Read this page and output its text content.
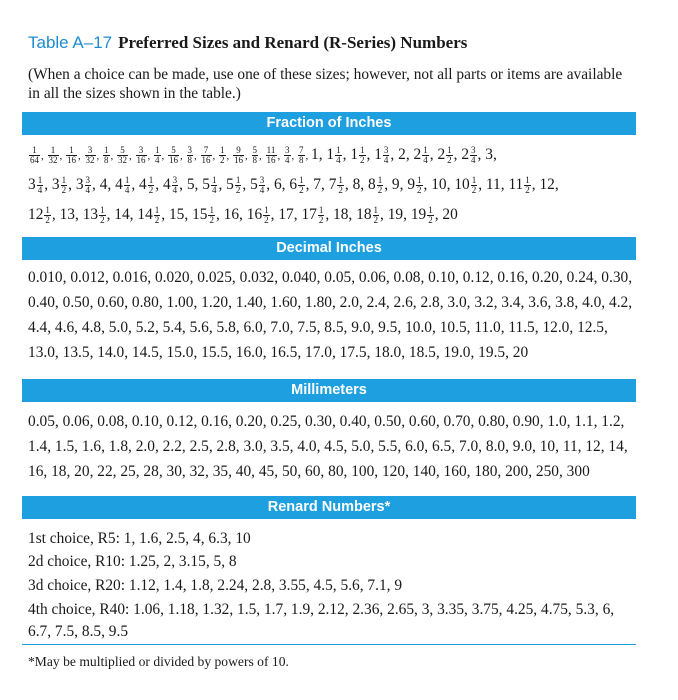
Table A–17 Preferred Sizes and Renard (R-Series) Numbers
(When a choice can be made, use one of these sizes; however, not all parts or items are available in all the sizes shown in the table.)
Fraction of Inches
$\frac{1}{64}$ , $\frac{1}{32}$ , $\frac{1}{16}$ , $\frac{3}{32}$ , $\frac{1}{8}$ , $\frac{5}{32}$ , $\frac{3}{16}$ , $\frac{1}{4}$ , $\frac{5}{16}$ , $\frac{3}{8}$ , $\frac{7}{16}$ , $\frac{1}{2}$ , $\frac{9}{16}$ , $\frac{5}{8}$ , $\frac{11}{16}$ , $\frac{3}{4}$ , $\frac{7}{8}$ , 1, $1 \frac{1}{4}$ , $1 \frac{1}{2}$ , $1 \frac{3}{4}$ , 2, $2 \frac{1}{4}$ , $2 \frac{1}{2}$ , $2 \frac{3}{4}$ , 3,
$3 \frac{1}{4}$ , $3 \frac{1}{2}$ , $3 \frac{3}{4}$ , 4, $4 \frac{1}{4}$ , $4 \frac{1}{2}$ , $4 \frac{3}{4}$ , 5, $5 \frac{1}{4}$ , $5 \frac{1}{2}$ , $5 \frac{3}{4}$ , 6, $6 \frac{1}{2}$ , 7, $7 \frac{1}{2}$ , 8, $8 \frac{1}{2}$ , 9, $9 \frac{1}{2}$ , 10, $10 \frac{1}{2}$ , 11, $11 \frac{1}{2}$ , 12,
$12 \frac{1}{2}$ , 13, $13 \frac{1}{2}$ , 14, $14 \frac{1}{2}$ , 15, $15 \frac{1}{2}$ , 16, $16 \frac{1}{2}$ , 17, $17 \frac{1}{2}$ , 18, $18 \frac{1}{2}$ , 19, $19 \frac{1}{2}$ , 20
Decimal Inches
0.010, 0.012, 0.016, 0.020, 0.025, 0.032, 0.040, 0.05, 0.06, 0.08, 0.10, 0.12, 0.16, 0.20, 0.24, 0.30,
0.40, 0.50, 0.60, 0.80, 1.00, 1.20, 1.40, 1.60, 1.80, 2.0, 2.4, 2.6, 2.8, 3.0, 3.2, 3.4, 3.6, 3.8, 4.0, 4.2,
4.4, 4.6, 4.8, 5.0, 5.2, 5.4, 5.6, 5.8, 6.0, 7.0, 7.5, 8.5, 9.0, 9.5, 10.0, 10.5, 11.0, 11.5, 12.0, 12.5,
13.0, 13.5, 14.0, 14.5, 15.0, 15.5, 16.0, 16.5, 17.0, 17.5, 18.0, 18.5, 19.0, 19.5, 20
Millimeters
0.05, 0.06, 0.08, 0.10, 0.12, 0.16, 0.20, 0.25, 0.30, 0.40, 0.50, 0.60, 0.70, 0.80, 0.90, 1.0, 1.1, 1.2,
1.4, 1.5, 1.6, 1.8, 2.0, 2.2, 2.5, 2.8, 3.0, 3.5, 4.0, 4.5, 5.0, 5.5, 6.0, 6.5, 7.0, 8.0, 9.0, 10, 11, 12, 14,
16, 18, 20, 22, 25, 28, 30, 32, 35, 40, 45, 50, 60, 80, 100, 120, 140, 160, 180, 200, 250, 300
Renard Numbers*
1st choice, R5: 1, 1.6, 2.5, 4, 6.3, 10
2d choice, R10: 1.25, 2, 3.15, 5, 8
3d choice, R20: 1.12, 1.4, 1.8, 2.24, 2.8, 3.55, 4.5, 5.6, 7.1, 9
4th choice, R40: 1.06, 1.18, 1.32, 1.5, 1.7, 1.9, 2.12, 2.36, 2.65, 3, 3.35, 3.75, 4.25, 4.75, 5.3, 6,
6.7, 7.5, 8.5, 9.5
*May be multiplied or divided by powers of 10.
